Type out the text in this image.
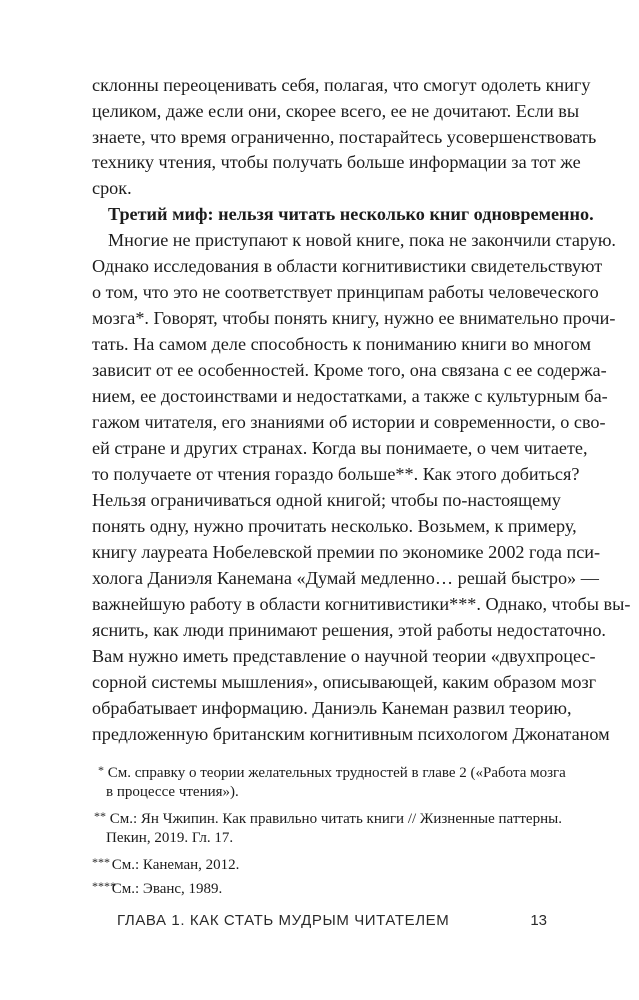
склонны переоценивать себя, полагая, что смогут одолеть книгу
целиком, даже если они, скорее всего, ее не дочитают. Если вы
знаете, что время ограниченно, постарайтесь усовершенствовать
технику чтения, чтобы получать больше информации за тот же
срок.
Третий миф: нельзя читать несколько книг одновременно.
Многие не приступают к новой книге, пока не закончили старую.
Однако исследования в области когнитивистики свидетельствуют
о том, что это не соответствует принципам работы человеческого
мозга*. Говорят, чтобы понять книгу, нужно ее внимательно прочи-
тать. На самом деле способность к пониманию книги во многом
зависит от ее особенностей. Кроме того, она связана с ее содержа-
нием, ее достоинствами и недостатками, а также с культурным ба-
гажом читателя, его знаниями об истории и современности, о сво-
ей стране и других странах. Когда вы понимаете, о чем читаете,
то получаете от чтения гораздо больше**. Как этого добиться?
Нельзя ограничиваться одной книгой; чтобы по-настоящему
понять одну, нужно прочитать несколько. Возьмем, к примеру,
книгу лауреата Нобелевской премии по экономике 2002 года пси-
холога Даниэля Канемана «Думай медленно… решай быстро» —
важнейшую работу в области когнитивистики***. Однако, чтобы вы-
яснить, как люди принимают решения, этой работы недостаточно.
Вам нужно иметь представление о научной теории «двухпроцес-
сорной системы мышления», описывающей, каким образом мозг
обрабатывает информацию. Даниэль Канеман развил теорию,
предложенную британским когнитивным психологом Джонатаном
* См. справку о теории желательных трудностей в главе 2 («Работа мозга
в процессе чтения»).
** См.: Ян Чжипин. Как правильно читать книги // Жизненные паттерны.
Пекин, 2019. Гл. 17.
*** См.: Канеман, 2012.
**** См.: Эванс, 1989.
ГЛАВА 1. КАК СТАТЬ МУДРЫМ ЧИТАТЕЛЕМ	13
